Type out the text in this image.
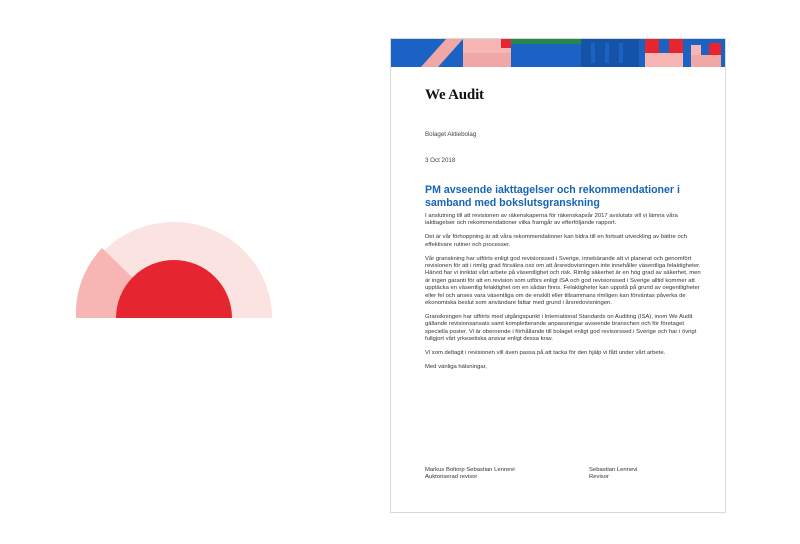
We Audit
Bolaget Aktiebolag
3 Oct 2018
PM avseende iakttagelser och rekommendationer i samband med bokslutsgranskning

I anslutning till att revisionen av räkenskaperna för räkenskapsår 2017 avslutats vill vi lämna våra iakttagelser och rekommendationer vilka framgår av efterföljande rapport.

Det är vår förhoppning är att våra rekommendationer kan bidra till en fortsatt utveckling av bättre och effektivare rutiner och processer.

Vår granskning har utförts enligt god revisionssed i Sverige, innebärande att vi planerat och genomfört revisionen för att i rimlig grad försäkra oss om att årsredovisningen inte innehåller väsentliga felaktigheter. Härvid har vi inriktat vårt arbete på väsentlighet och risk. Rimlig säkerhet är en hög grad av säkerhet, men är ingen garanti för att en revision som utförs enligt ISA och god revisionssed i Sverige alltid kommer att upptäcka en väsentlig felaktighet om en sådan finns. Felaktigheter kan uppstå på grund av oegentligheter eller fel och anses vara väsentliga om de enskilt eller tillsammans rimligen kan förväntas påverka de ekonomiska beslut som användare fattar med grund i årsredovisningen.

Granskningen har utförts med utgångspunkt i International Standards on Auditing (ISA), inom We Audit gällande revisionsansats samt kompletterande anpassningar avseende branschen och för företaget speciella poster. Vi är oberoende i förhållande till bolaget enligt god revisorssed i Sverige och har i övrigt fullgjort vårt yrkesetiska ansvar enligt dessa krav.

Vi som deltagit i revisionen vill även passa på att tacka för den hjälp vi fått under vårt arbete.

Med vänliga hälsningar,

Markus Boltorp Sebastian Lennevi
Auktoriserad revisor
Sebastian Lennevi
Revisor
